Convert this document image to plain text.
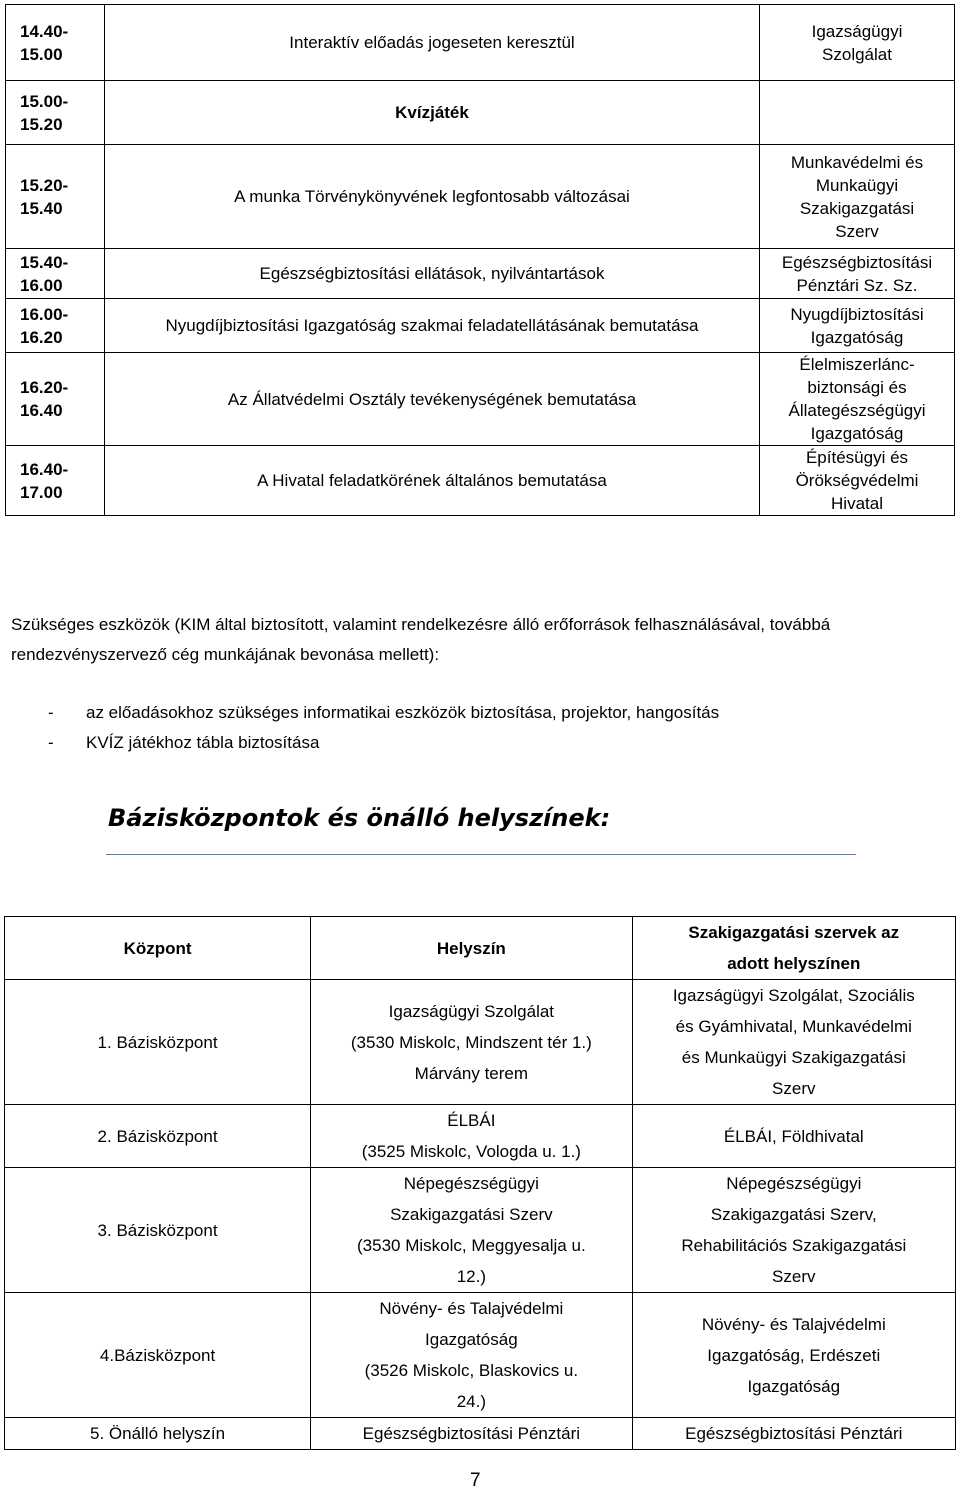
14.40-
15.00	Interaktív előadás jogeseten keresztül	Igazságügyi
Szolgálat

15.00-
15.20	Kvízjáték	

15.20-
15.40	A munka Törvénykönyvének legfontosabb változásai	Munkavédelmi és
Munkaügyi
Szakigazgatási
Szerv

15.40-
16.00	Egészségbiztosítási ellátások, nyilvántartások	Egészségbiztosítási
Pénztári Sz. Sz.

16.00-
16.20	Nyugdíjbiztosítási Igazgatóság szakmai feladatellátásának bemutatása	Nyugdíjbiztosítási
Igazgatóság

16.20-
16.40	Az Állatvédelmi Osztály tevékenységének bemutatása	Élelmiszerlánc-
biztonsági és
Állategészségügyi
Igazgatóság

16.40-
17.00	A Hivatal feladatkörének általános bemutatása	Építésügyi és
Örökségvédelmi
Hivatal
Szükséges eszközök (KIM által biztosított, valamint rendelkezésre álló erőforrások felhasználásával, továbbá rendezvényszervező cég munkájának bevonása mellett):
-	az előadásokhoz szükséges informatikai eszközök biztosítása, projektor, hangosítás
-	KVÍZ játékhoz tábla biztosítása
Bázisközpontok és önálló helyszínek:
Központ	Helyszín	Szakigazgatási szervek az
adott helyszínen

1. Bázisközpont	Igazságügyi Szolgálat
(3530 Miskolc, Mindszent tér 1.)
Márvány terem	Igazságügyi Szolgálat, Szociális
és Gyámhivatal, Munkavédelmi
és Munkaügyi Szakigazgatási
Szerv

2. Bázisközpont	ÉLBÁI
(3525 Miskolc, Vologda u. 1.)	ÉLBÁI, Földhivatal

3. Bázisközpont	Népegészségügyi
Szakigazgatási Szerv
(3530 Miskolc, Meggyesalja u.
12.)	Népegészségügyi
Szakigazgatási Szerv,
Rehabilitációs Szakigazgatási
Szerv

4.Bázisközpont	Növény- és Talajvédelmi
Igazgatóság
(3526 Miskolc, Blaskovics u.
24.)	Növény- és Talajvédelmi
Igazgatóság, Erdészeti
Igazgatóság

5. Önálló helyszín	Egészségbiztosítási Pénztári	Egészségbiztosítási Pénztári
7
